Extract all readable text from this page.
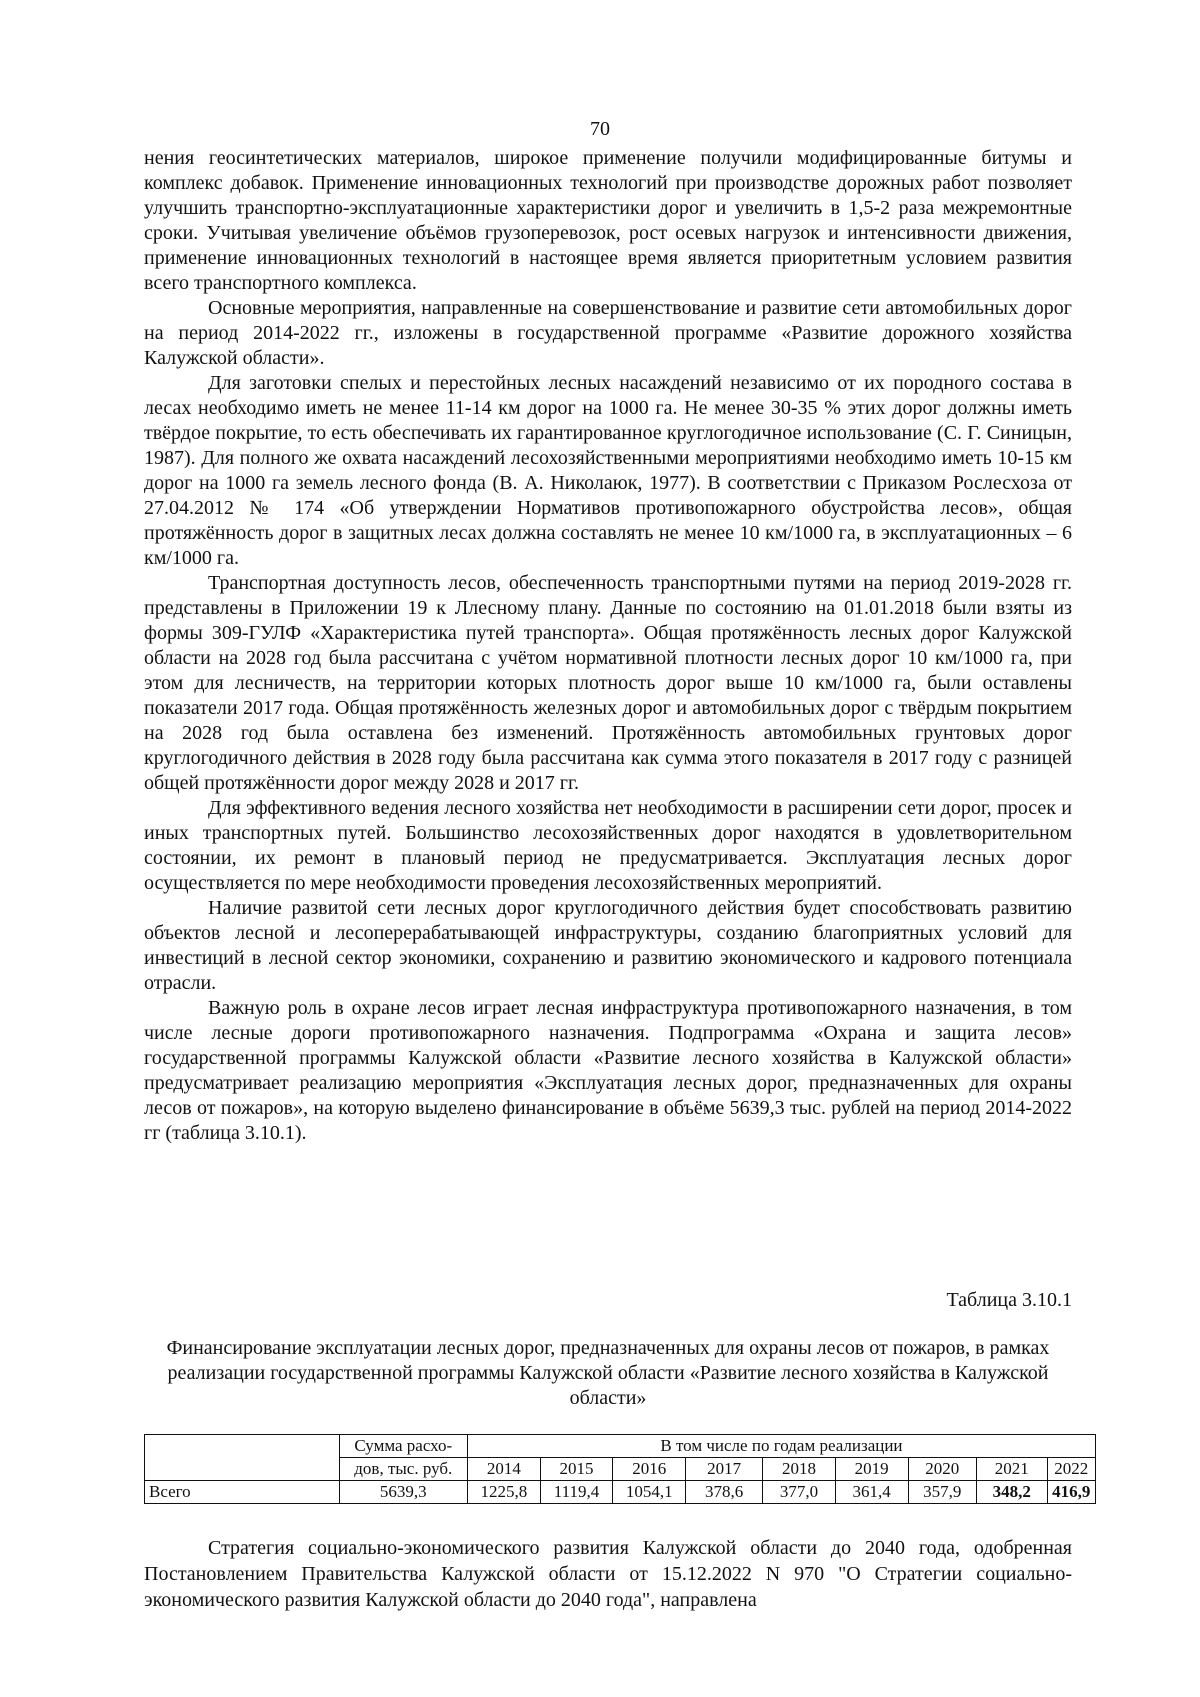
70

нения геосинтетических материалов, широкое применение получили модифицированные битумы и комплекс добавок. Применение инновационных технологий при производстве дорожных работ позволяет улучшить транспортно-эксплуатационные характеристики дорог и увеличить в 1,5-2 раза межремонтные сроки. Учитывая увеличение объёмов грузоперевозок, рост осевых нагрузок и интенсивности движения, применение инновационных технологий в настоящее время является приоритетным условием развития всего транспортного комплекса.

Основные мероприятия, направленные на совершенствование и развитие сети автомобильных дорог на период 2014-2022 гг., изложены в государственной программе «Развитие дорожного хозяйства Калужской области».

Для заготовки спелых и перестойных лесных насаждений независимо от их породного состава в лесах необходимо иметь не менее 11-14 км дорог на 1000 га. Не менее 30-35 % этих дорог должны иметь твёрдое покрытие, то есть обеспечивать их гарантированное круглогодичное использование (С. Г. Синицын, 1987). Для полного же охвата насаждений лесохозяйственными мероприятиями необходимо иметь 10-15 км дорог на 1000 га земель лесного фонда (В. А. Николаюк, 1977). В соответствии с Приказом Рослесхоза от 27.04.2012 № 174 «Об утверждении Нормативов противопожарного обустройства лесов», общая протяжённость дорог в защитных лесах должна составлять не менее 10 км/1000 га, в эксплуатационных – 6 км/1000 га.

Транспортная доступность лесов, обеспеченность транспортными путями на период 2019-2028 гг. представлены в Приложении 19 к Ллесному плану. Данные по состоянию на 01.01.2018 были взяты из формы 309-ГУЛФ «Характеристика путей транспорта». Общая протяжённость лесных дорог Калужской области на 2028 год была рассчитана с учётом нормативной плотности лесных дорог 10 км/1000 га, при этом для лесничеств, на территории которых плотность дорог выше 10 км/1000 га, были оставлены показатели 2017 года. Общая протяжённость железных дорог и автомобильных дорог с твёрдым покрытием на 2028 год была оставлена без изменений. Протяжённость автомобильных грунтовых дорог круглогодичного действия в 2028 году была рассчитана как сумма этого показателя в 2017 году с разницей общей протяжённости дорог между 2028 и 2017 гг.

Для эффективного ведения лесного хозяйства нет необходимости в расширении сети дорог, просек и иных транспортных путей. Большинство лесохозяйственных дорог находятся в удовлетворительном состоянии, их ремонт в плановый период не предусматривается. Эксплуатация лесных дорог осуществляется по мере необходимости проведения лесохозяйственных мероприятий.

Наличие развитой сети лесных дорог круглогодичного действия будет способствовать развитию объектов лесной и лесоперерабатывающей инфраструктуры, созданию благоприятных условий для инвестиций в лесной сектор экономики, сохранению и развитию экономического и кадрового потенциала отрасли.

Важную роль в охране лесов играет лесная инфраструктура противопожарного назначения, в том числе лесные дороги противопожарного назначения. Подпрограмма «Охрана и защита лесов» государственной программы Калужской области «Развитие лесного хозяйства в Калужской области» предусматривает реализацию мероприятия «Эксплуатация лесных дорог, предназначенных для охраны лесов от пожаров», на которую выделено финансирование в объёме 5639,3 тыс. рублей на период 2014-2022 гг (таблица 3.10.1).

Таблица 3.10.1
Финансирование эксплуатации лесных дорог, предназначенных для охраны лесов от пожаров, в рамках реализации государственной программы Калужской области «Развитие лесного хозяйства в Калужской области»
	Сумма расхо-	В том числе по годам реализации								
	дов, тыс. руб.	2014	2015	2016	2017	2018	2019	2020	2021	2022
Всего	5639,3	1225,8	1119,4	1054,1	378,6	377,0	361,4	357,9	348,2	416,9

Стратегия социально-экономического развития Калужской области до 2040 года, одобренная Постановлением Правительства Калужской области от 15.12.2022 N 970 "О Стратегии социально-экономического развития Калужской области до 2040 года", направлена
